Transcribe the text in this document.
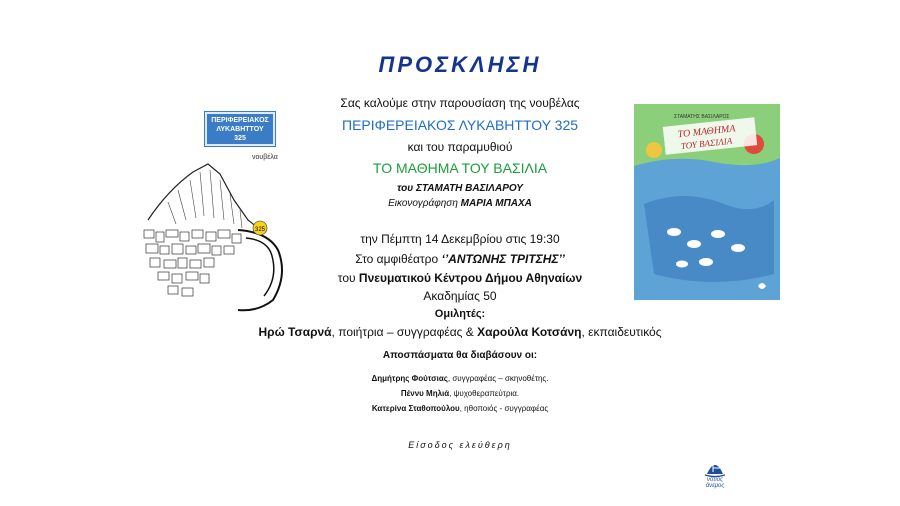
ΠΡΟΣΚΛΗΣΗ
Σας καλούμε στην παρουσίαση της νουβέλας
ΠΕΡΙΦΕΡΕΙΑΚΟΣ ΛΥΚΑΒΗΤΤΟΥ 325
και του παραμυθιού
ΤΟ ΜΑΘΗΜΑ ΤΟΥ ΒΑΣΙΛΙΑ
του ΣΤΑΜΑΤΗ ΒΑΣΙΛΑΡΟΥ
Εικονογράφηση ΜΑΡΙΑ ΜΠΑΧΑ
την Πέμπτη 14 Δεκεμβρίου στις 19:30
Στο αμφιθέατρο ‘’ΑΝΤΩΝΗΣ ΤΡΙΤΣΗΣ’’
του Πνευματικού Κέντρου Δήμου Αθηναίων
Ακαδημίας 50
Ομιλητές:
Ηρώ Τσαρνά, ποιήτρια – συγγραφέας & Χαρούλα Κοτσάνη, εκπαιδευτικός
Αποσπάσματα θα διαβάσουν οι:
Δημήτρης Φούτσιας, συγγραφέας – σκηνοθέτης.
Πέννυ Μηλιά, ψυχοθεραπεύτρια.
Κατερίνα Σταθοπούλου, ηθοποιός - συγγραφέας
Είσοδος ελεύθερη
ΠΕΡΙΦΕΡΕΙΑΚΟΣ
ΛΥΚΑΒΗΤΤΟΥ
325
νουβέλα
325
ΣΤΑΜΑΤΗΣ ΒΑΣΙΛΑΡΟΣ
ΤΟ ΜΑΘΗΜΑ
ΤΟΥ ΒΑΣΙΛΙΑ
νότιος
άνεμος
